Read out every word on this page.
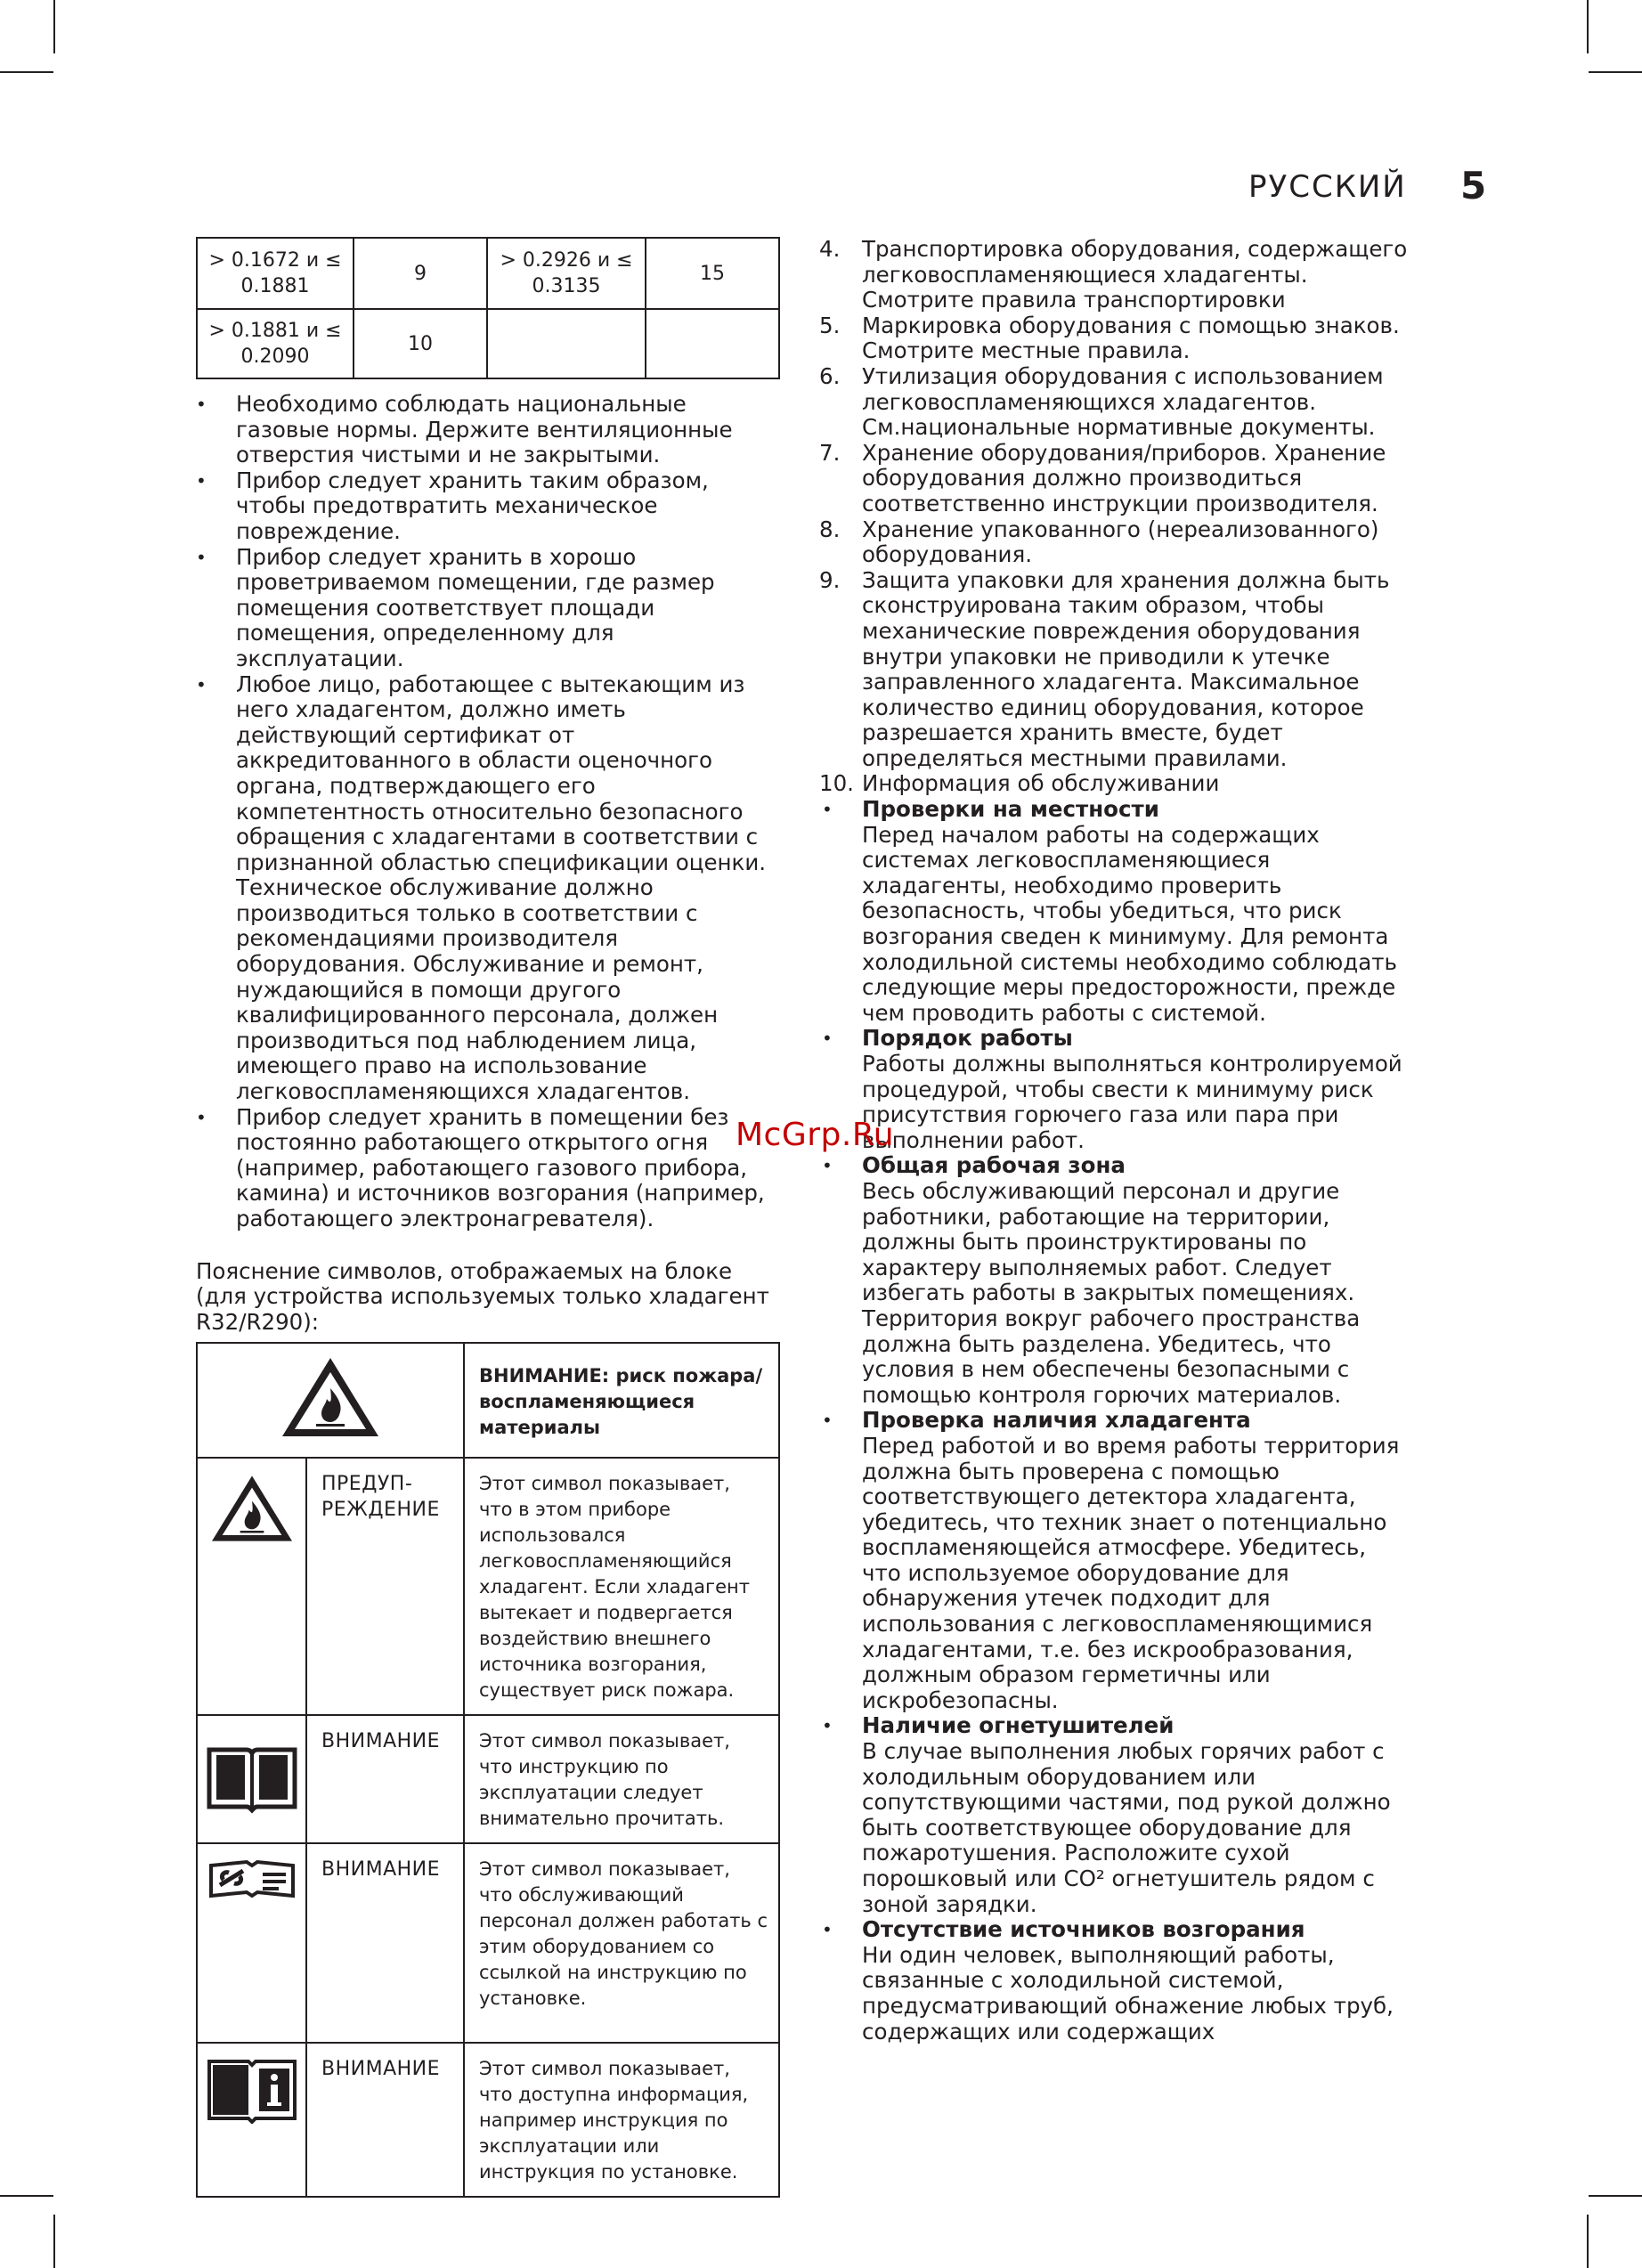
РУССКИЙ 5
> 0.1672 и ≤ 0.1881	9	> 0.2926 и ≤ 0.3135	15
> 0.1881 и ≤ 0.2090	10		
• Необходимо соблюдать национальные газовые нормы. Держите вентиляционные отверстия чистыми и не закрытыми.
• Прибор следует хранить таким образом, чтобы предотвратить механическое повреждение.
• Прибор следует хранить в хорошо проветриваемом помещении, где размер помещения соответствует площади помещения, определенному для эксплуатации.
• Любое лицо, работающее с вытекающим из него хладагентом, должно иметь действующий сертификат от аккредитованного в области оценочного органа, подтверждающего его компетентность относительно безопасного обращения с хладагентами в соответствии с признанной областью спецификации оценки. Техническое обслуживание должно производиться только в соответствии с рекомендациями производителя оборудования. Обслуживание и ремонт, нуждающийся в помощи другого квалифицированного персонала, должен производиться под наблюдением лица, имеющего право на использование легковоспламеняющихся хладагентов.
• Прибор следует хранить в помещении без постоянно работающего открытого огня (например, работающего газового прибора, камина) и источников возгорания (например, работающего электронагревателя).

Пояснение символов, отображаемых на блоке (для устройства используемых только хладагент R32/R290):

	ВНИМАНИЕ: риск пожара/ воспламеняющиеся материалы
	ПРЕДУП-РЕЖДЕНИЕ	Этот символ показывает, что в этом приборе использовался легковоспламеняющийся хладагент. Если хладагент вытекает и подвергается воздействию внешнего источника возгорания, существует риск пожара.
	ВНИМАНИЕ	Этот символ показывает, что инструкцию по эксплуатации следует внимательно прочитать.
	ВНИМАНИЕ	Этот символ показывает, что обслуживающий персонал должен работать с этим оборудованием со ссылкой на инструкцию по установке.
	ВНИМАНИЕ	Этот символ показывает, что доступна информация, например инструкция по эксплуатации или инструкция по установке.
4. Транспортировка оборудования, содержащего легковоспламеняющиеся хладагенты. Смотрите правила транспортировки
5. Маркировка оборудования с помощью знаков. Смотрите местные правила.
6. Утилизация оборудования с использованием легковоспламеняющихся хладагентов. См.национальные нормативные документы.
7. Хранение оборудования/приборов. Хранение оборудования должно производиться соответственно инструкции производителя.
8. Хранение упакованного (нереализованного) оборудования.
9. Защита упаковки для хранения должна быть сконструирована таким образом, чтобы механические повреждения оборудования внутри упаковки не приводили к утечке заправленного хладагента. Максимальное количество единиц оборудования, которое разрешается хранить вместе, будет определяться местными правилами.
10. Информация об обслуживании
• Проверки на местности
Перед началом работы на содержащих системах легковоспламеняющиеся хладагенты, необходимо проверить безопасность, чтобы убедиться, что риск возгорания сведен к минимуму. Для ремонта холодильной системы необходимо соблюдать следующие меры предосторожности, прежде чем проводить работы с системой.
• Порядок работы
Работы должны выполняться контролируемой процедурой, чтобы свести к минимуму риск присутствия горючего газа или пара при выполнении работ.
• Общая рабочая зона
Весь обслуживающий персонал и другие работники, работающие на территории, должны быть проинструктированы по характеру выполняемых работ. Следует избегать работы в закрытых помещениях. Территория вокруг рабочего пространства должна быть разделена. Убедитесь, что условия в нем обеспечены безопасными с помощью контроля горючих материалов.
• Проверка наличия хладагента
Перед работой и во время работы территория должна быть проверена с помощью соответствующего детектора хладагента, убедитесь, что техник знает о потенциально воспламеняющейся атмосфере. Убедитесь, что используемое оборудование для обнаружения утечек подходит для использования с легковоспламеняющимися хладагентами, т.е. без искрообразования, должным образом герметичны или искробезопасны.
• Наличие огнетушителей
В случае выполнения любых горячих работ с холодильным оборудованием или сопутствующими частями, под рукой должно быть соответствующее оборудование для пожаротушения. Расположите сухой порошковый или CO² огнетушитель рядом с зоной зарядки.
• Отсутствие источников возгорания
Ни один человек, выполняющий работы, связанные с холодильной системой, предусматривающий обнажение любых труб, содержащих или содержащих
McGrp.Ru
